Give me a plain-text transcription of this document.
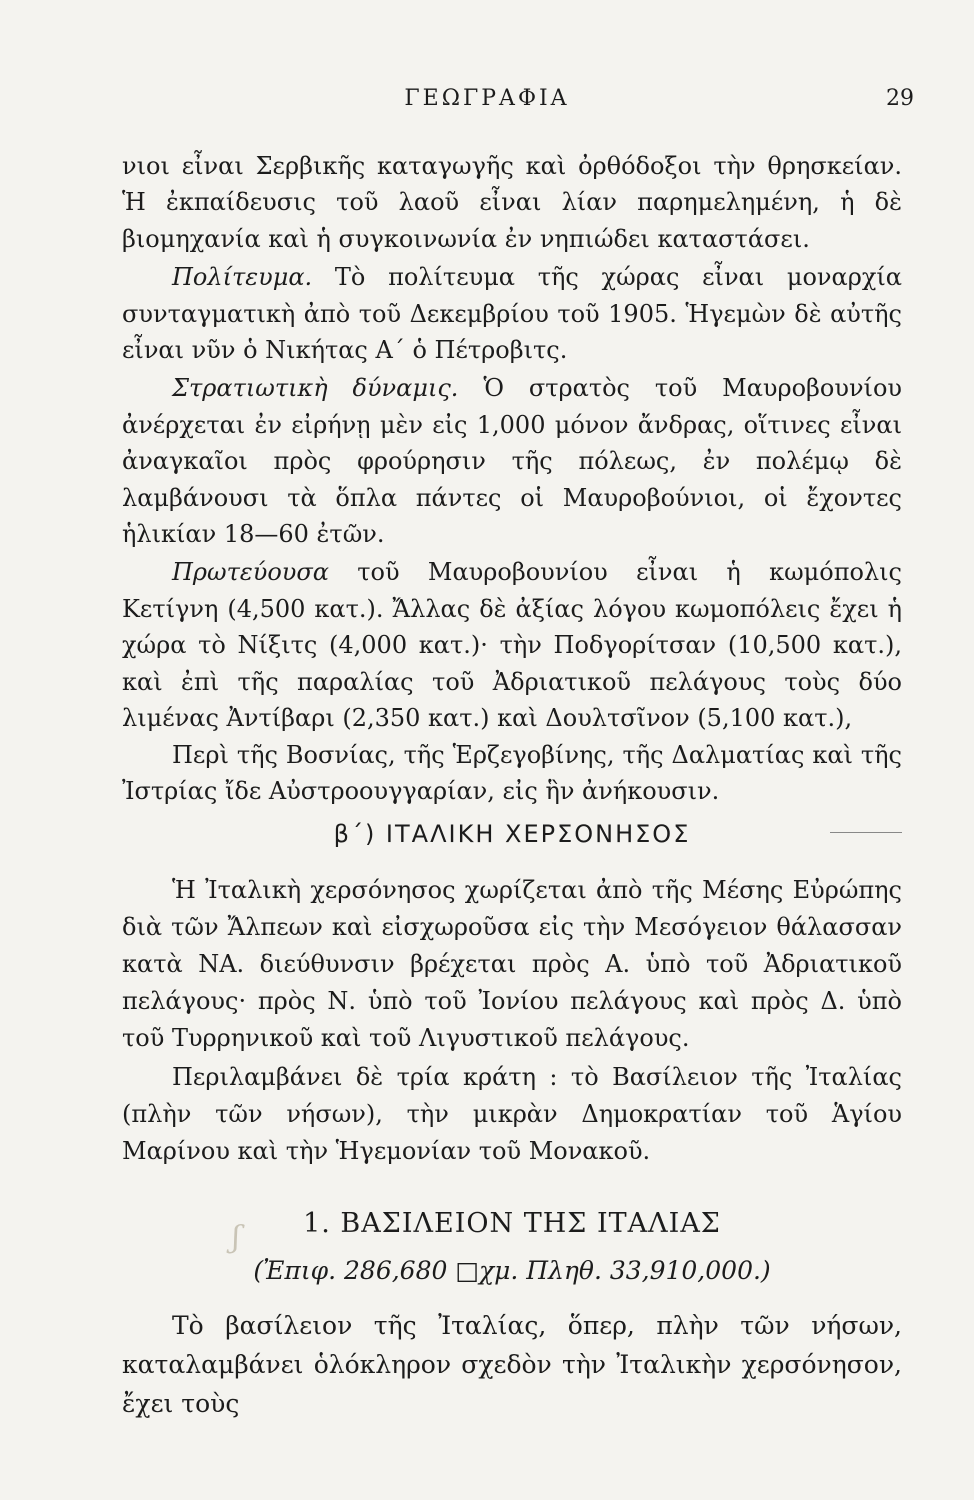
ΓΕΩΓΡΑΦΙΑ	29

νιοι εἶναι Σερβικῆς καταγωγῆς καὶ ὀρθόδοξοι τὴν θρησκείαν. Ἡ ἐκπαίδευσις τοῦ λαοῦ εἶναι λίαν παρημελημένη, ἡ δὲ βιομηχανία καὶ ἡ συγκοινωνία ἐν νηπιώδει καταστάσει.

Πολίτευμα. Τὸ πολίτευμα τῆς χώρας εἶναι μοναρχία συνταγματικὴ ἀπὸ τοῦ Δεκεμβρίου τοῦ 1905. Ἡγεμὼν δὲ αὐτῆς εἶναι νῦν ὁ Νικήτας Α΄ ὁ Πέτροβιτς.

Στρατιωτικὴ δύναμις. Ὁ στρατὸς τοῦ Μαυροβουνίου ἀνέρχεται ἐν εἰρήνῃ μὲν εἰς 1,000 μόνον ἄνδρας, οἵτινες εἶναι ἀναγκαῖοι πρὸς φρούρησιν τῆς πόλεως, ἐν πολέμῳ δὲ λαμβάνουσι τὰ ὅπλα πάντες οἱ Μαυροβούνιοι, οἱ ἔχοντες ἡλικίαν 18—60 ἐτῶν.

Πρωτεύουσα τοῦ Μαυροβουνίου εἶναι ἡ κωμόπολις Κετίγνη (4,500 κατ.). Ἄλλας δὲ ἀξίας λόγου κωμοπόλεις ἔχει ἡ χώρα τὸ Νίξιτς (4,000 κατ.)· τὴν Ποδγορίτσαν (10,500 κατ.), καὶ ἐπὶ τῆς παραλίας τοῦ Ἀδριατικοῦ πελάγους τοὺς δύο λιμένας Ἀντίβαρι (2,350 κατ.) καὶ Δουλτσῖνον (5,100 κατ.),

Περὶ τῆς Βοσνίας, τῆς Ἑρζεγοβίνης, τῆς Δαλματίας καὶ τῆς Ἰστρίας ἴδε Αὐστροουγγαρίαν, εἰς ἣν ἀνήκουσιν.

β΄) ΙΤΑΛΙΚΗ ΧΕΡΣΟΝΗΣΟΣ

Ἡ Ἰταλικὴ χερσόνησος χωρίζεται ἀπὸ τῆς Μέσης Εὐρώπης διὰ τῶν Ἄλπεων καὶ εἰσχωροῦσα εἰς τὴν Μεσόγειον θάλασσαν κατὰ ΝΑ. διεύθυνσιν βρέχεται πρὸς Α. ὑπὸ τοῦ Ἀδριατικοῦ πελάγους· πρὸς Ν. ὑπὸ τοῦ Ἰονίου πελάγους καὶ πρὸς Δ. ὑπὸ τοῦ Τυρρηνικοῦ καὶ τοῦ Λιγυστικοῦ πελάγους.

Περιλαμβάνει δὲ τρία κράτη : τὸ Βασίλειον τῆς Ἰταλίας (πλὴν τῶν νήσων), τὴν μικρὰν Δημοκρατίαν τοῦ Ἁγίου Μαρίνου καὶ τὴν Ἡγεμονίαν τοῦ Μονακοῦ.

ʃ	1. ΒΑΣΙΛΕΙΟΝ ΤΗΣ ΙΤΑΛΙΑΣ
(Ἐπιφ. 286,680 □χμ. Πληθ. 33,910,000.)

Τὸ βασίλειον τῆς Ἰταλίας, ὅπερ, πλὴν τῶν νήσων, καταλαμβάνει ὁλόκληρον σχεδὸν τὴν Ἰταλικὴν χερσόνησον, ἔχει τοὺς
